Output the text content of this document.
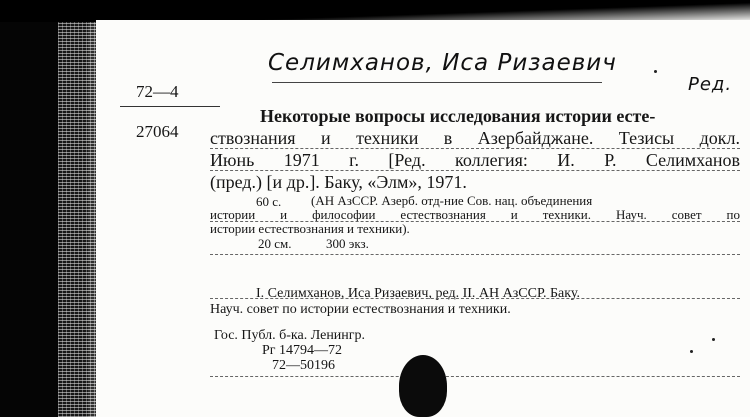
Селимханов, Иса Ризаевич
Ред.
72—4
27064
Некоторые вопросы исследования истории есте-
ствознания и техники в Азербайджане. Тезисы докл.
Июнь 1971 г. [Ред. коллегия: И. Р. Селимханов
(пред.) [и др.]. Баку, «Элм», 1971.
60 с. (АН АзССР. Азерб. отд-ние Сов. нац. объединения
истории и философии естествознания и техники. Науч. совет по
истории естествознания и техники).
20 см.	300 экз.
I. Селимханов, Иса Ризаевич, ред. II. АН АзССР. Баку.
Науч. совет по истории естествознания и техники.
Гос. Публ. б-ка. Ленингр.
Рг 14794—72
72—50196
